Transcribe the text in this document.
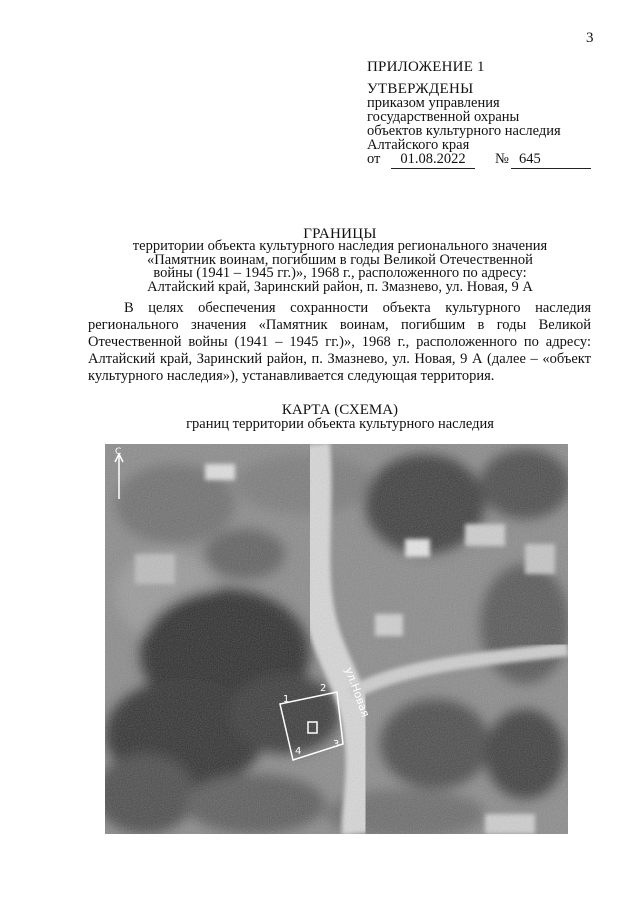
3
ПРИЛОЖЕНИЕ 1
УТВЕРЖДЕНЫ
приказом управления
государственной охраны
объектов культурного наследия
Алтайского края
от	01.08.2022	№ 645
ГРАНИЦЫ
территории объекта культурного наследия регионального значения
«Памятник воинам, погибшим в годы Великой Отечественной
войны (1941 – 1945 гг.)», 1968 г., расположенного по адресу:
Алтайский край, Заринский район, п. Змазнево, ул. Новая, 9 А

В целях обеспечения сохранности объекта культурного наследия регионального значения «Памятник воинам, погибшим в годы Великой Отечественной войны (1941 – 1945 гг.)», 1968 г., расположенного по адресу: Алтайский край, Заринский район, п. Змазнево, ул. Новая, 9 А (далее – «объект культурного наследия»), устанавливается следующая территория.

КАРТА (СХЕМА)
границ территории объекта культурного наследия
С
1
2
3
4
ул.Новая
